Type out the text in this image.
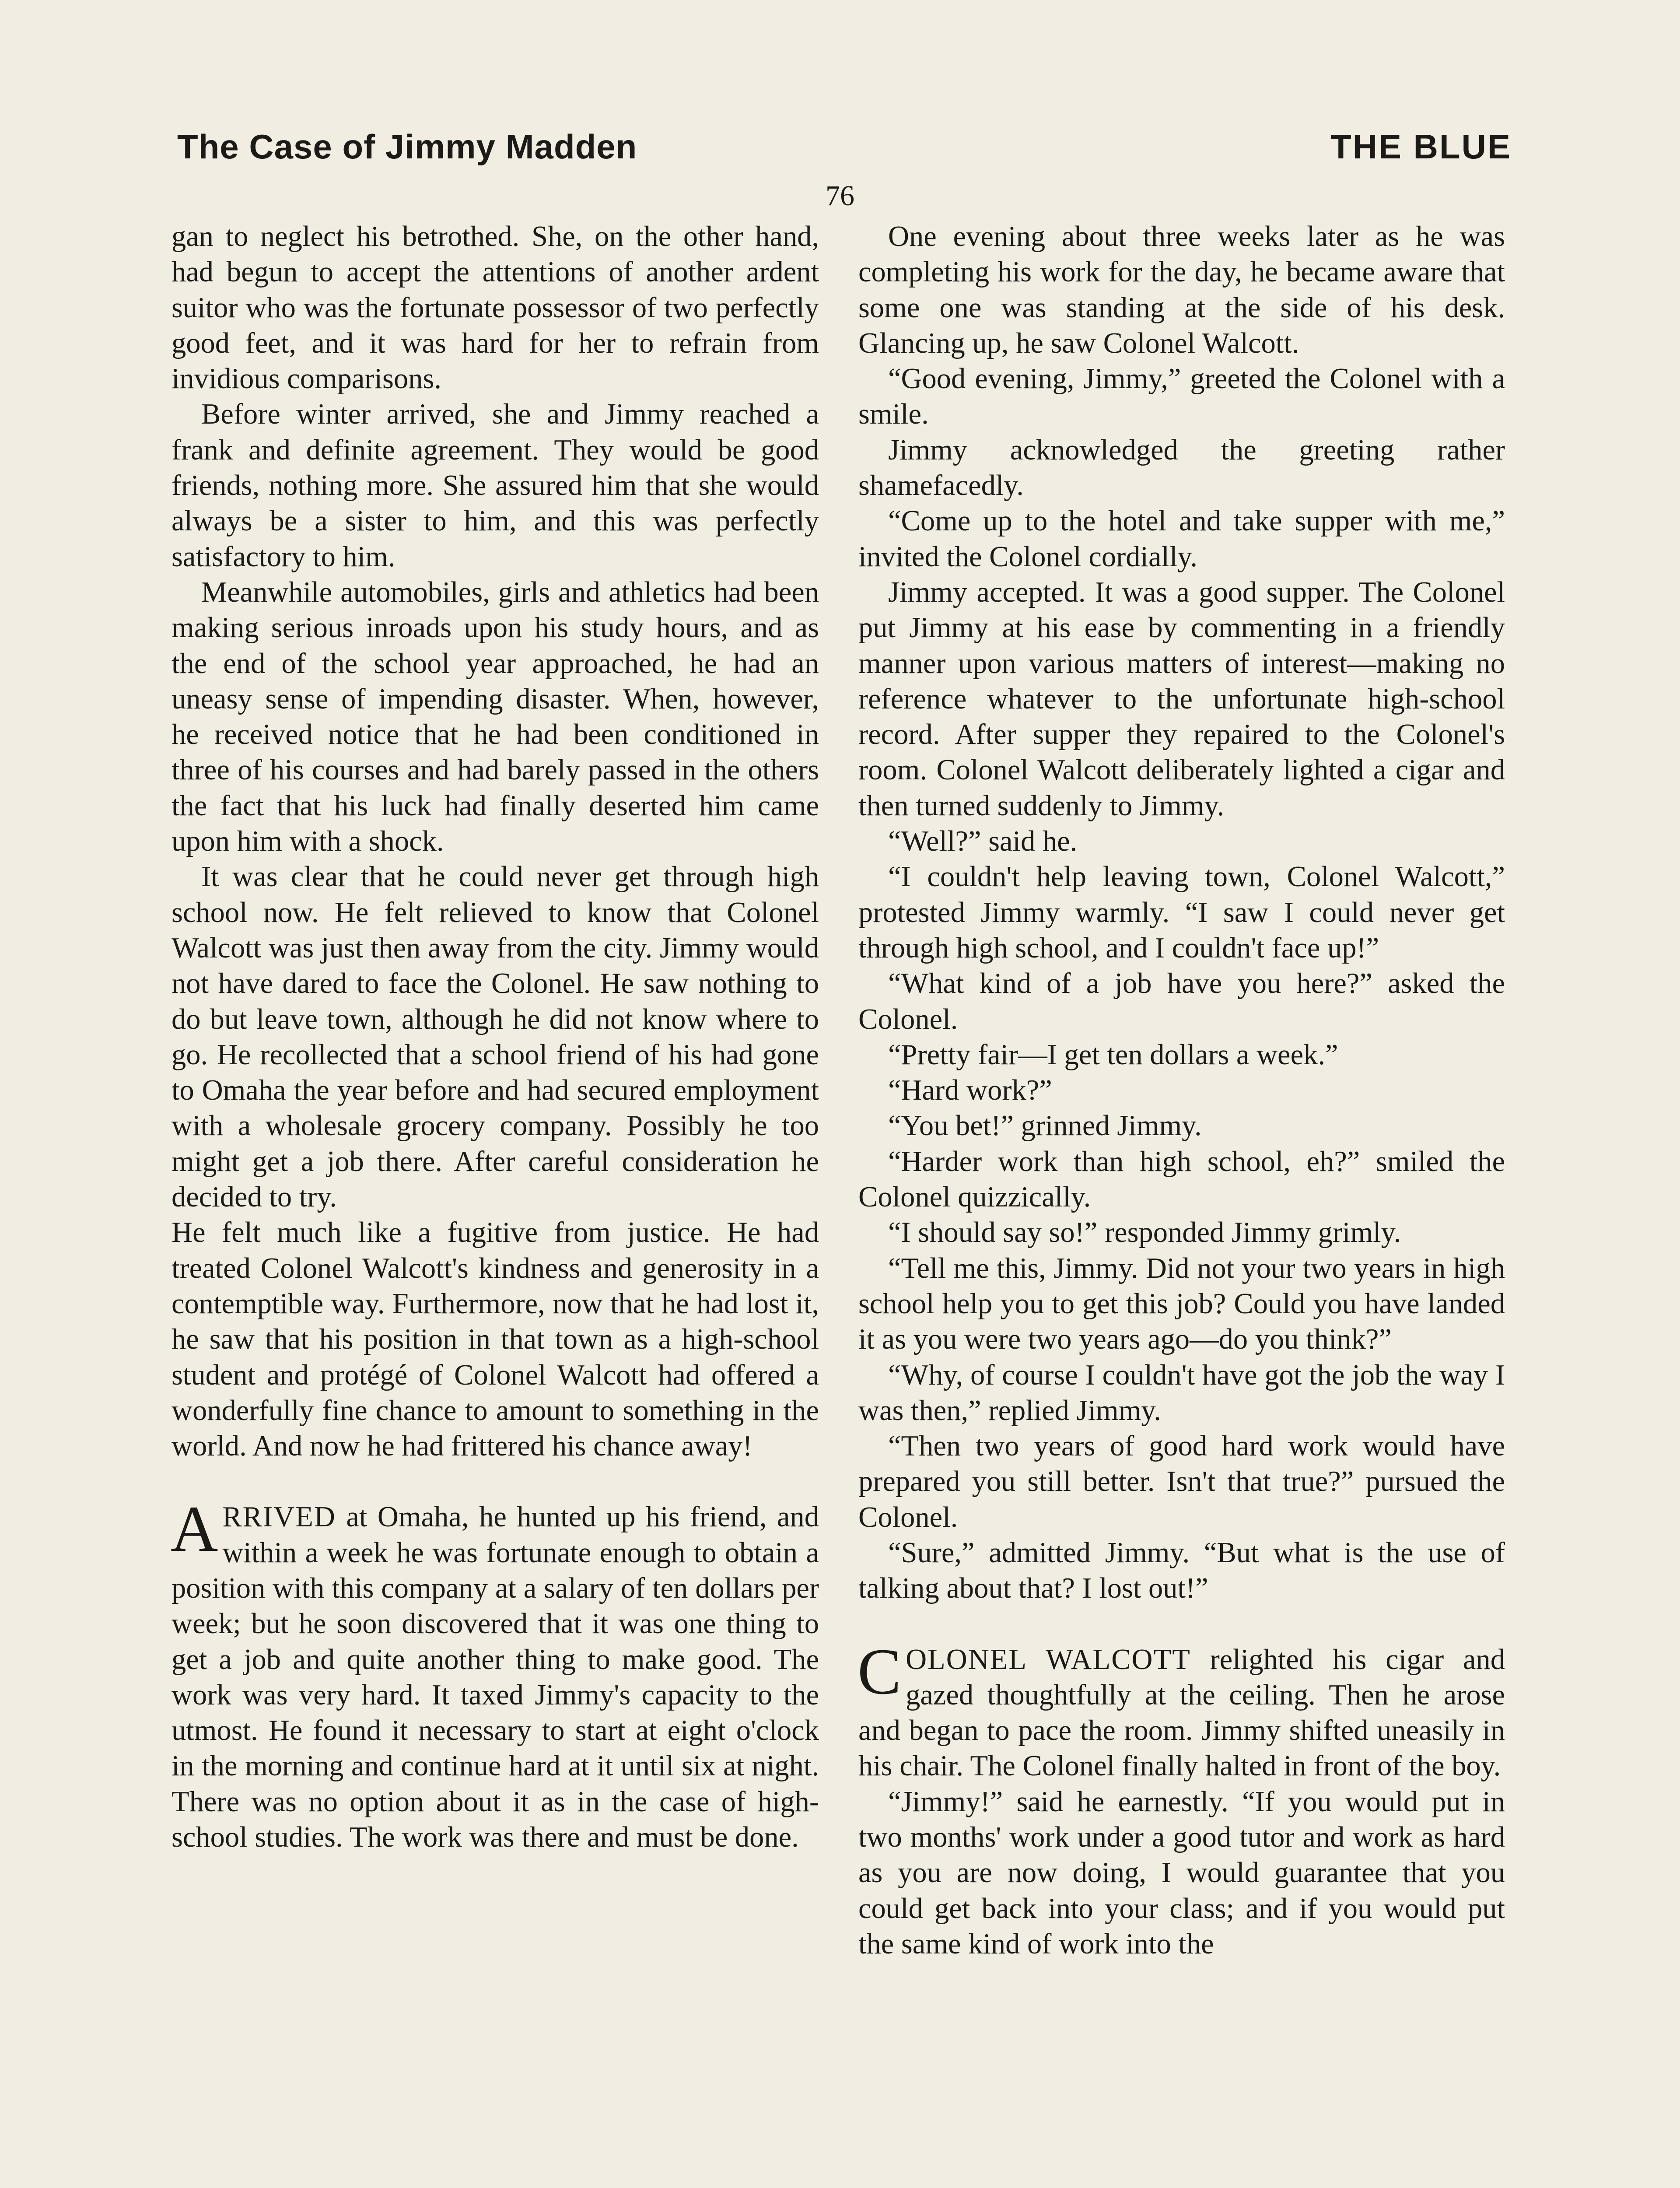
The Case of Jimmy Madden	THE BLUE
76

gan to neglect his betrothed. She, on the other hand, had begun to accept the attentions of another ardent suitor who was the fortunate possessor of two perfectly good feet, and it was hard for her to refrain from invidious comparisons.

Before winter arrived, she and Jimmy reached a frank and definite agreement. They would be good friends, nothing more. She assured him that she would always be a sister to him, and this was perfectly satisfactory to him.

Meanwhile automobiles, girls and athletics had been making serious inroads upon his study hours, and as the end of the school year approached, he had an uneasy sense of impending disaster. When, however, he received notice that he had been conditioned in three of his courses and had barely passed in the others the fact that his luck had finally deserted him came upon him with a shock.

It was clear that he could never get through high school now. He felt relieved to know that Colonel Walcott was just then away from the city. Jimmy would not have dared to face the Colonel. He saw nothing to do but leave town, although he did not know where to go. He recollected that a school friend of his had gone to Omaha the year before and had secured employment with a wholesale grocery company. Possibly he too might get a job there. After careful consideration he decided to try.

He felt much like a fugitive from justice. He had treated Colonel Walcott's kindness and generosity in a contemptible way. Furthermore, now that he had lost it, he saw that his position in that town as a high-school student and protégé of Colonel Walcott had offered a wonderfully fine chance to amount to something in the world. And now he had frittered his chance away!

ARRIVED at Omaha, he hunted up his friend, and within a week he was fortunate enough to obtain a position with this company at a salary of ten dollars per week; but he soon discovered that it was one thing to get a job and quite another thing to make good. The work was very hard. It taxed Jimmy's capacity to the utmost. He found it necessary to start at eight o'clock in the morning and continue hard at it until six at night. There was no option about it as in the case of high-school studies. The work was there and must be done.

One evening about three weeks later as he was completing his work for the day, he became aware that some one was standing at the side of his desk. Glancing up, he saw Colonel Walcott.

“Good evening, Jimmy,” greeted the Colonel with a smile.

Jimmy acknowledged the greeting rather shamefacedly.

“Come up to the hotel and take supper with me,” invited the Colonel cordially.

Jimmy accepted. It was a good supper. The Colonel put Jimmy at his ease by commenting in a friendly manner upon various matters of interest—making no reference whatever to the unfortunate high-school record. After supper they repaired to the Colonel's room. Colonel Walcott deliberately lighted a cigar and then turned suddenly to Jimmy.

“Well?” said he.

“I couldn't help leaving town, Colonel Walcott,” protested Jimmy warmly. “I saw I could never get through high school, and I couldn't face up!”

“What kind of a job have you here?” asked the Colonel.

“Pretty fair—I get ten dollars a week.”

“Hard work?”

“You bet!” grinned Jimmy.

“Harder work than high school, eh?” smiled the Colonel quizzically.

“I should say so!” responded Jimmy grimly.

“Tell me this, Jimmy. Did not your two years in high school help you to get this job? Could you have landed it as you were two years ago—do you think?”

“Why, of course I couldn't have got the job the way I was then,” replied Jimmy.

“Then two years of good hard work would have prepared you still better. Isn't that true?” pursued the Colonel.

“Sure,” admitted Jimmy. “But what is the use of talking about that? I lost out!”

COLONEL WALCOTT relighted his cigar and gazed thoughtfully at the ceiling. Then he arose and began to pace the room. Jimmy shifted uneasily in his chair. The Colonel finally halted in front of the boy.

“Jimmy!” said he earnestly. “If you would put in two months' work under a good tutor and work as hard as you are now doing, I would guarantee that you could get back into your class; and if you would put the same kind of work into the
